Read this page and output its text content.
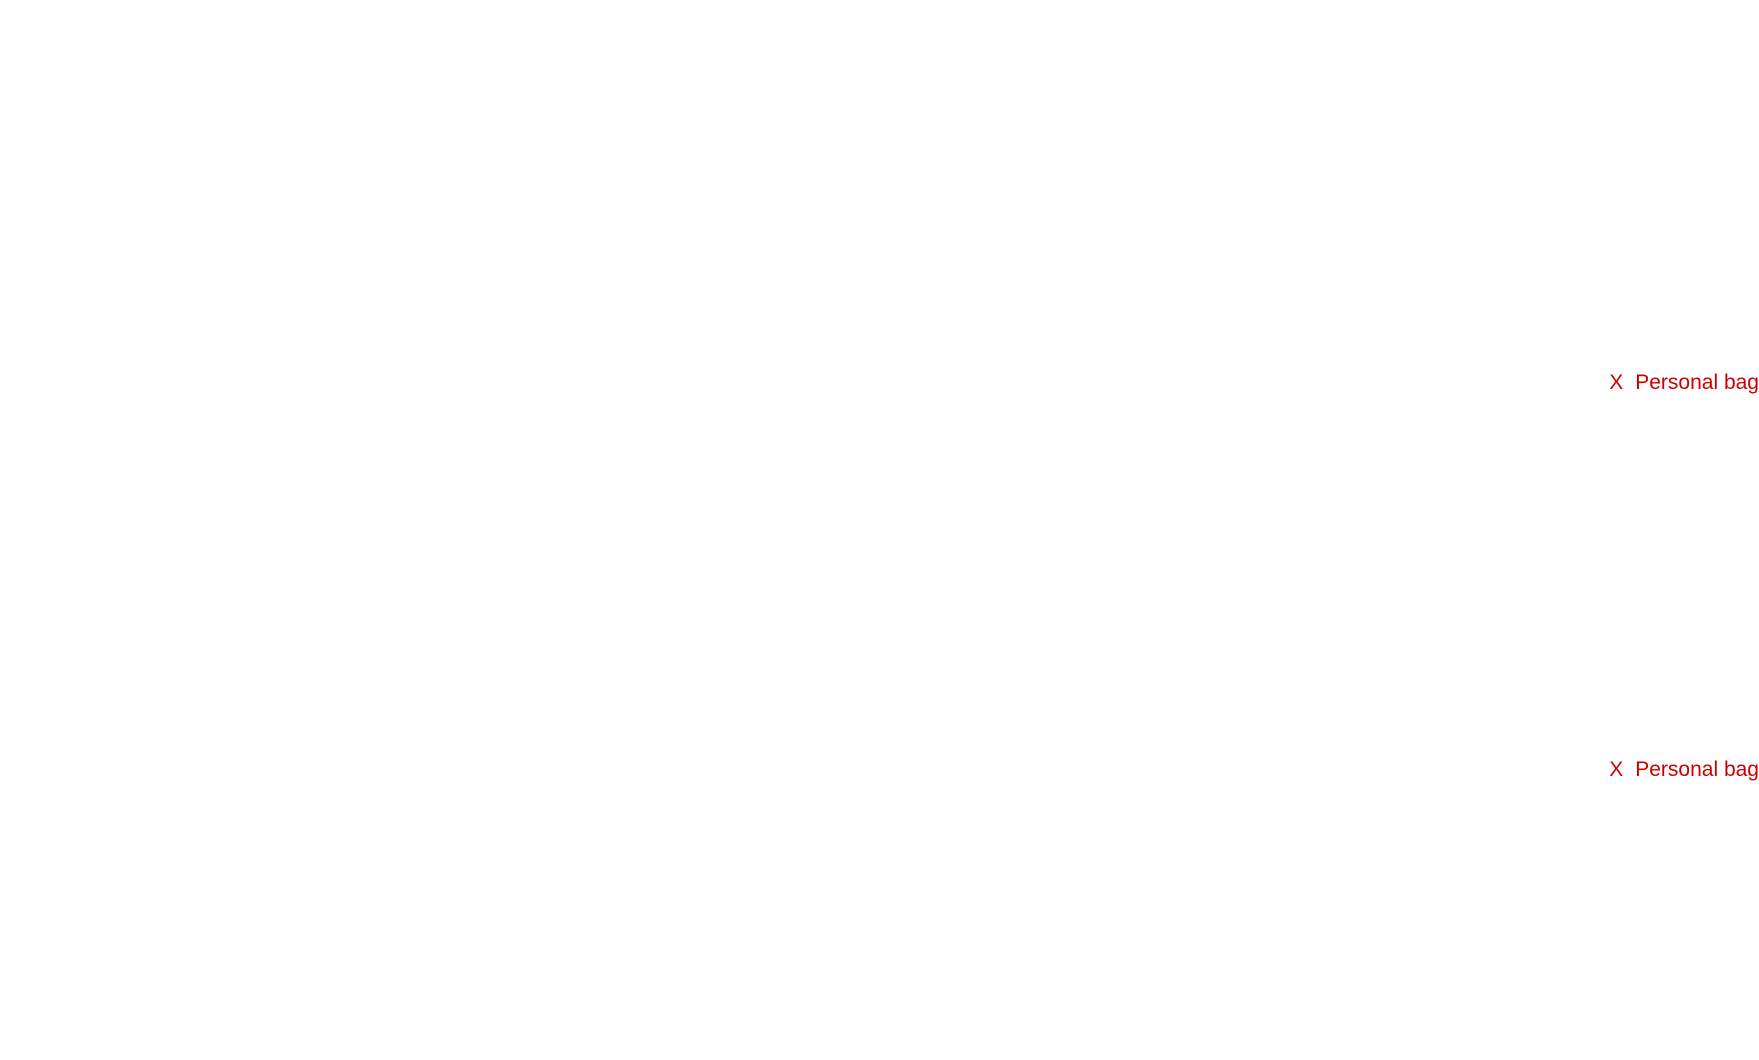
X Personal bag
X Personal bag
